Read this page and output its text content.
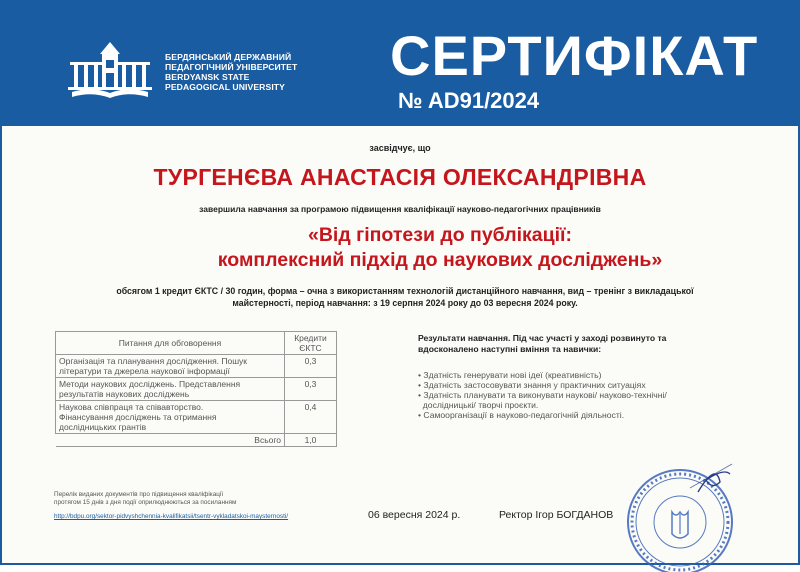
БЕРДЯНСЬКИЙ ДЕРЖАВНИЙ
ПЕДАГОГІЧНИЙ УНІВЕРСИТЕТ
BERDYANSK STATE
PEDAGOGICAL UNIVERSITY СЕРТИФІКАТ
№ AD91/2024
засвідчує, що
ТУРГЕНЄВА АНАСТАСІЯ ОЛЕКСАНДРІВНА
завершила навчання за програмою підвищення кваліфікації науково-педагогічних працівників
«Від гіпотези до публікації:
комплексний підхід до наукових досліджень»
обсягом 1 кредит ЄКТС / 30 годин, форма – очна з використанням технологій дистанційного навчання, вид – тренінг з викладацької
майстерності, період навчання: з 19 серпня 2024 року до 03 вересня 2024 року.
Питання для обговорення	Кредити
ЄКТС

Організація та планування дослідження. Пошук
літератури та джерела наукової інформації	0,3

Методи наукових досліджень. Представлення
результатів наукових досліджень	0,3

Наукова співпраця та співавторство.
Фінансування досліджень та отримання
дослідницьких грантів	0,4
Всього	1,0
Результати навчання. Під час участі у заході розвинуто та
вдосконалено наступні вміння та навички:
• Здатність генерувати нові ідеї (креативність)
• Здатність застосовувати знання у практичних ситуаціях
• Здатність планувати та виконувати наукові/ науково-технічні/
дослідницькі/ творчі проєкти.
• Самоорганізації в науково-педагогічній діяльності.
Перелік виданих документів про підвищення кваліфікації
протягом 15 днів з дня події оприлюднюються за посиланням
http://bdpu.org/sektor-pidvyshchennia-kvalifikatsii/tsentr-vykladatskoi-maysternosti/	06 вересня 2024 р.	Ректор Ігор БОГДАНОВ
